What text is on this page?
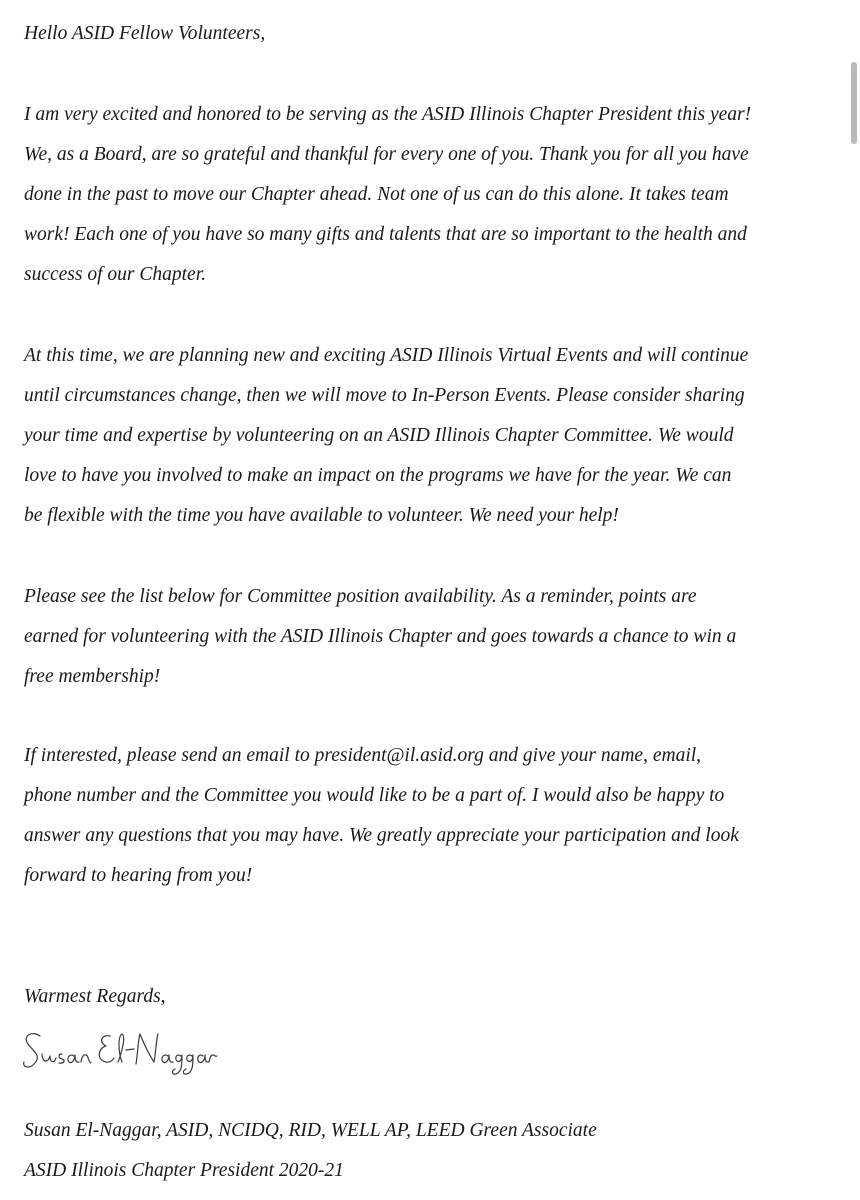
Hello ASID Fellow Volunteers,
I am very excited and honored to be serving as the ASID Illinois Chapter President this year!
We, as a Board, are so grateful and thankful for every one of you. Thank you for all you have
done in the past to move our Chapter ahead. Not one of us can do this alone. It takes team
work! Each one of you have so many gifts and talents that are so important to the health and
success of our Chapter.
At this time, we are planning new and exciting ASID Illinois Virtual Events and will continue
until circumstances change, then we will move to In-Person Events. Please consider sharing
your time and expertise by volunteering on an ASID Illinois Chapter Committee. We would
love to have you involved to make an impact on the programs we have for the year. We can
be flexible with the time you have available to volunteer. We need your help!
Please see the list below for Committee position availability. As a reminder, points are
earned for volunteering with the ASID Illinois Chapter and goes towards a chance to win a
free membership!
If interested, please send an email to president@il.asid.org and give your name, email,
phone number and the Committee you would like to be a part of. I would also be happy to
answer any questions that you may have. We greatly appreciate your participation and look
forward to hearing from you!
Warmest Regards,
Susan El-Naggar, ASID, NCIDQ, RID, WELL AP, LEED Green Associate
ASID Illinois Chapter President 2020-21
